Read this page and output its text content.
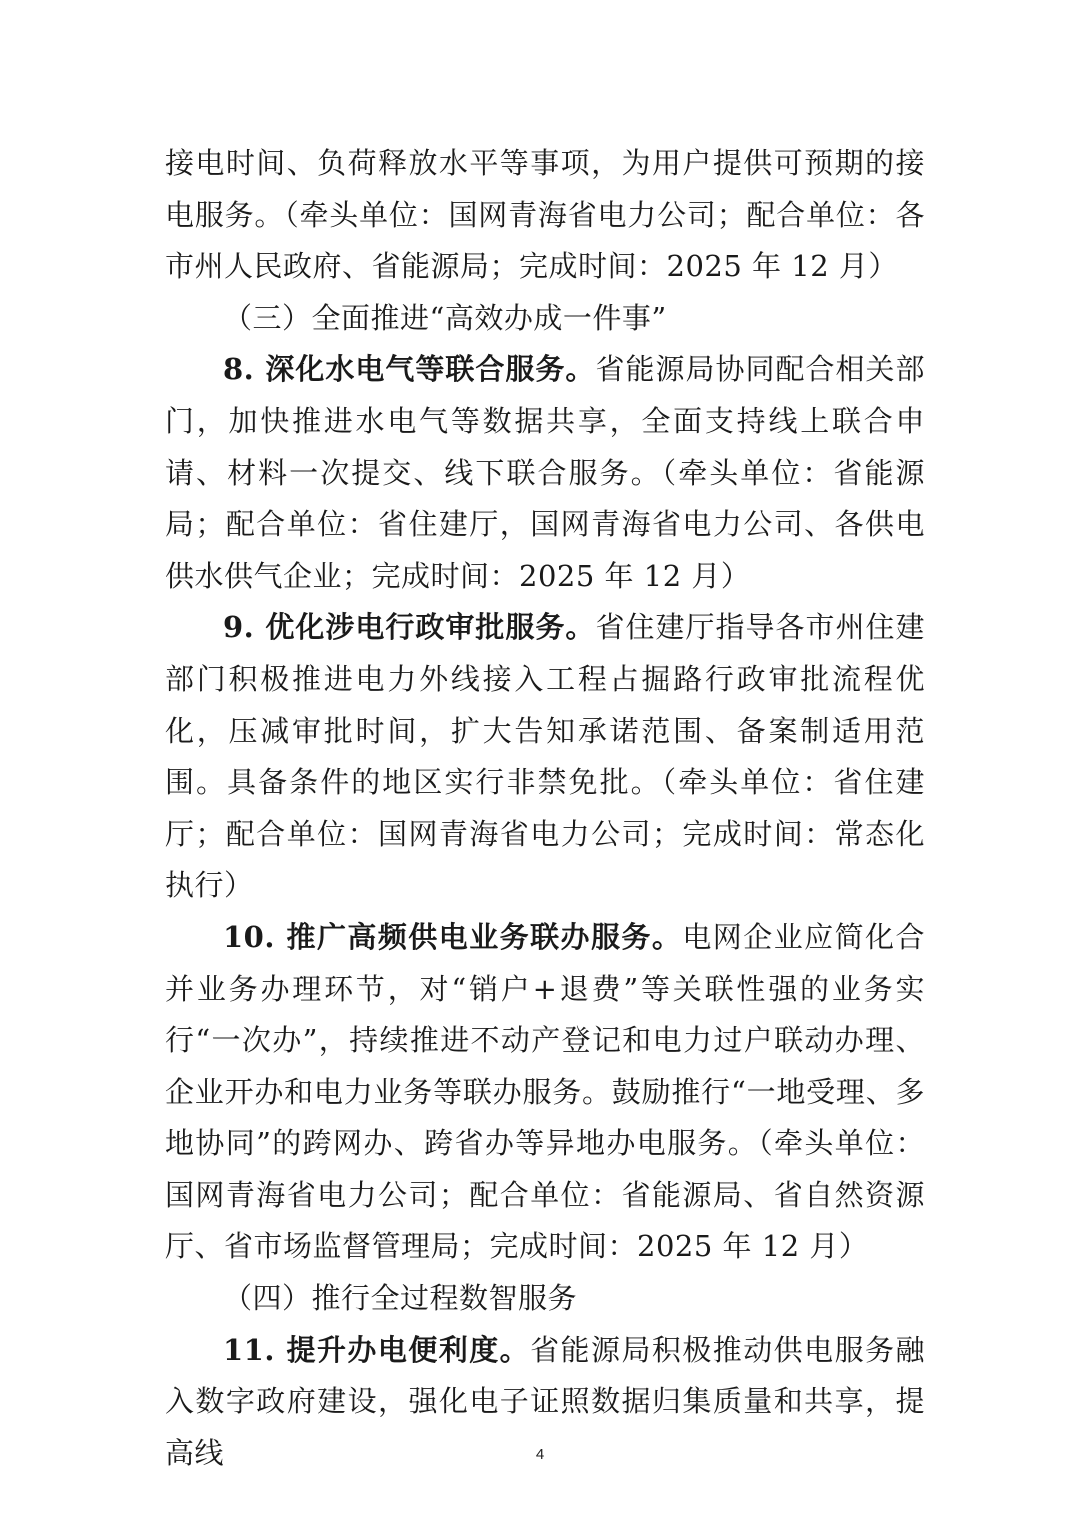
接电时间、负荷释放水平等事项，为用户提供可预期的接电服务。（牵头单位：国网青海省电力公司；配合单位：各市州人民政府、省能源局；完成时间：2025 年 12 月）

（三）全面推进“高效办成一件事”

8. 深化水电气等联合服务。省能源局协同配合相关部门，加快推进水电气等数据共享，全面支持线上联合申请、材料一次提交、线下联合服务。（牵头单位：省能源局；配合单位：省住建厅，国网青海省电力公司、各供电供水供气企业；完成时间：2025 年 12 月）

9. 优化涉电行政审批服务。省住建厅指导各市州住建部门积极推进电力外线接入工程占掘路行政审批流程优化，压减审批时间，扩大告知承诺范围、备案制适用范围。具备条件的地区实行非禁免批。（牵头单位：省住建厅；配合单位：国网青海省电力公司；完成时间：常态化执行）

10. 推广高频供电业务联办服务。电网企业应简化合并业务办理环节，对“销户+退费”等关联性强的业务实行“一次办”，持续推进不动产登记和电力过户联动办理、企业开办和电力业务等联办服务。鼓励推行“一地受理、多地协同”的跨网办、跨省办等异地办电服务。（牵头单位：国网青海省电力公司；配合单位：省能源局、省自然资源厅、省市场监督管理局；完成时间：2025 年 12 月）

（四）推行全过程数智服务

11. 提升办电便利度。省能源局积极推动供电服务融入数字政府建设，强化电子证照数据归集质量和共享，提高线	4
